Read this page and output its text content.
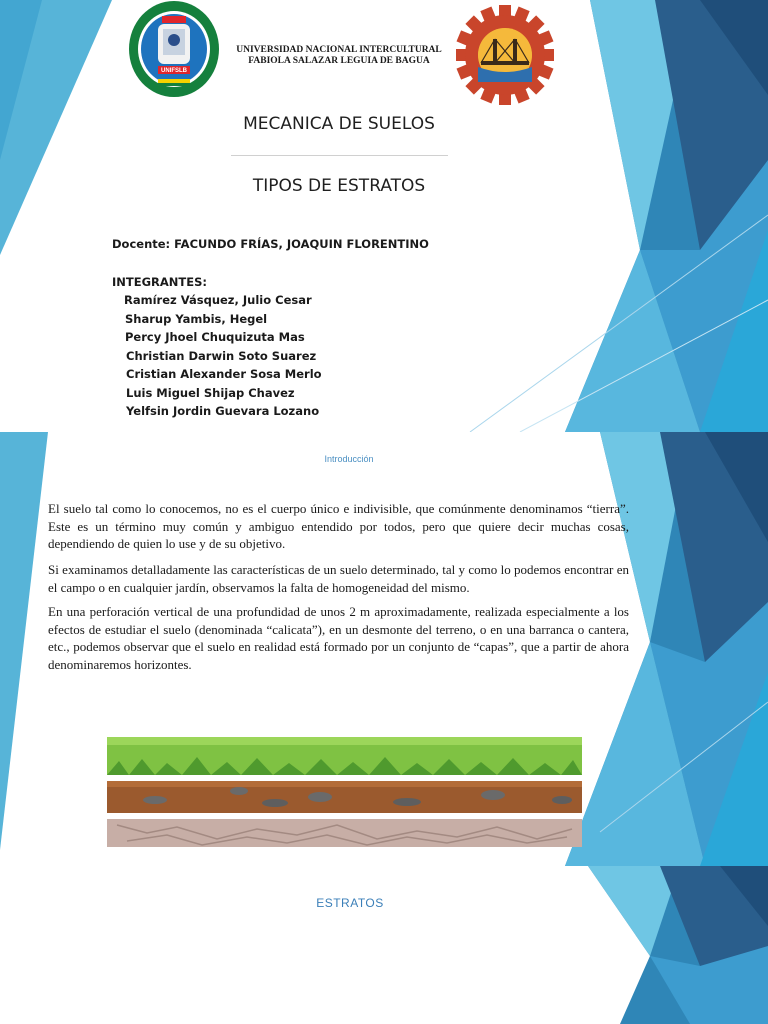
UNIFSLB
UNIVERSIDAD NACIONAL INTERCULTURAL
FABIOLA SALAZAR LEGUIA DE BAGUA
MECANICA DE SUELOS
TIPOS DE ESTRATOS
Docente: FACUNDO FRÍAS, JOAQUIN FLORENTINO
INTEGRANTES:
Ramírez Vásquez, Julio Cesar
Sharup Yambis, Hegel
Percy Jhoel Chuquizuta Mas
Christian Darwin Soto Suarez
Cristian Alexander Sosa Merlo
Luis Miguel Shijap Chavez
Yelfsin Jordin Guevara Lozano
Introducción

El suelo tal como lo conocemos, no es el cuerpo único e indivisible, que comúnmente denominamos “tierra”. Este es un término muy común y ambiguo entendido por todos, pero que quiere decir muchas cosas, dependiendo de quien lo use y de su objetivo.

Si examinamos detalladamente las características de un suelo determinado, tal y como lo podemos encontrar en el campo o en cualquier jardín, observamos la falta de homogeneidad del mismo.

En una perforación vertical de una profundidad de unos 2 m aproximadamente, realizada especialmente a los efectos de estudiar el suelo (denominada “calicata”), en un desmonte del terreno, o en una barranca o cantera, etc., podemos observar que el suelo en realidad está formado por un conjunto de “capas”, que a partir de ahora denominaremos horizontes.

ESTRATOS
